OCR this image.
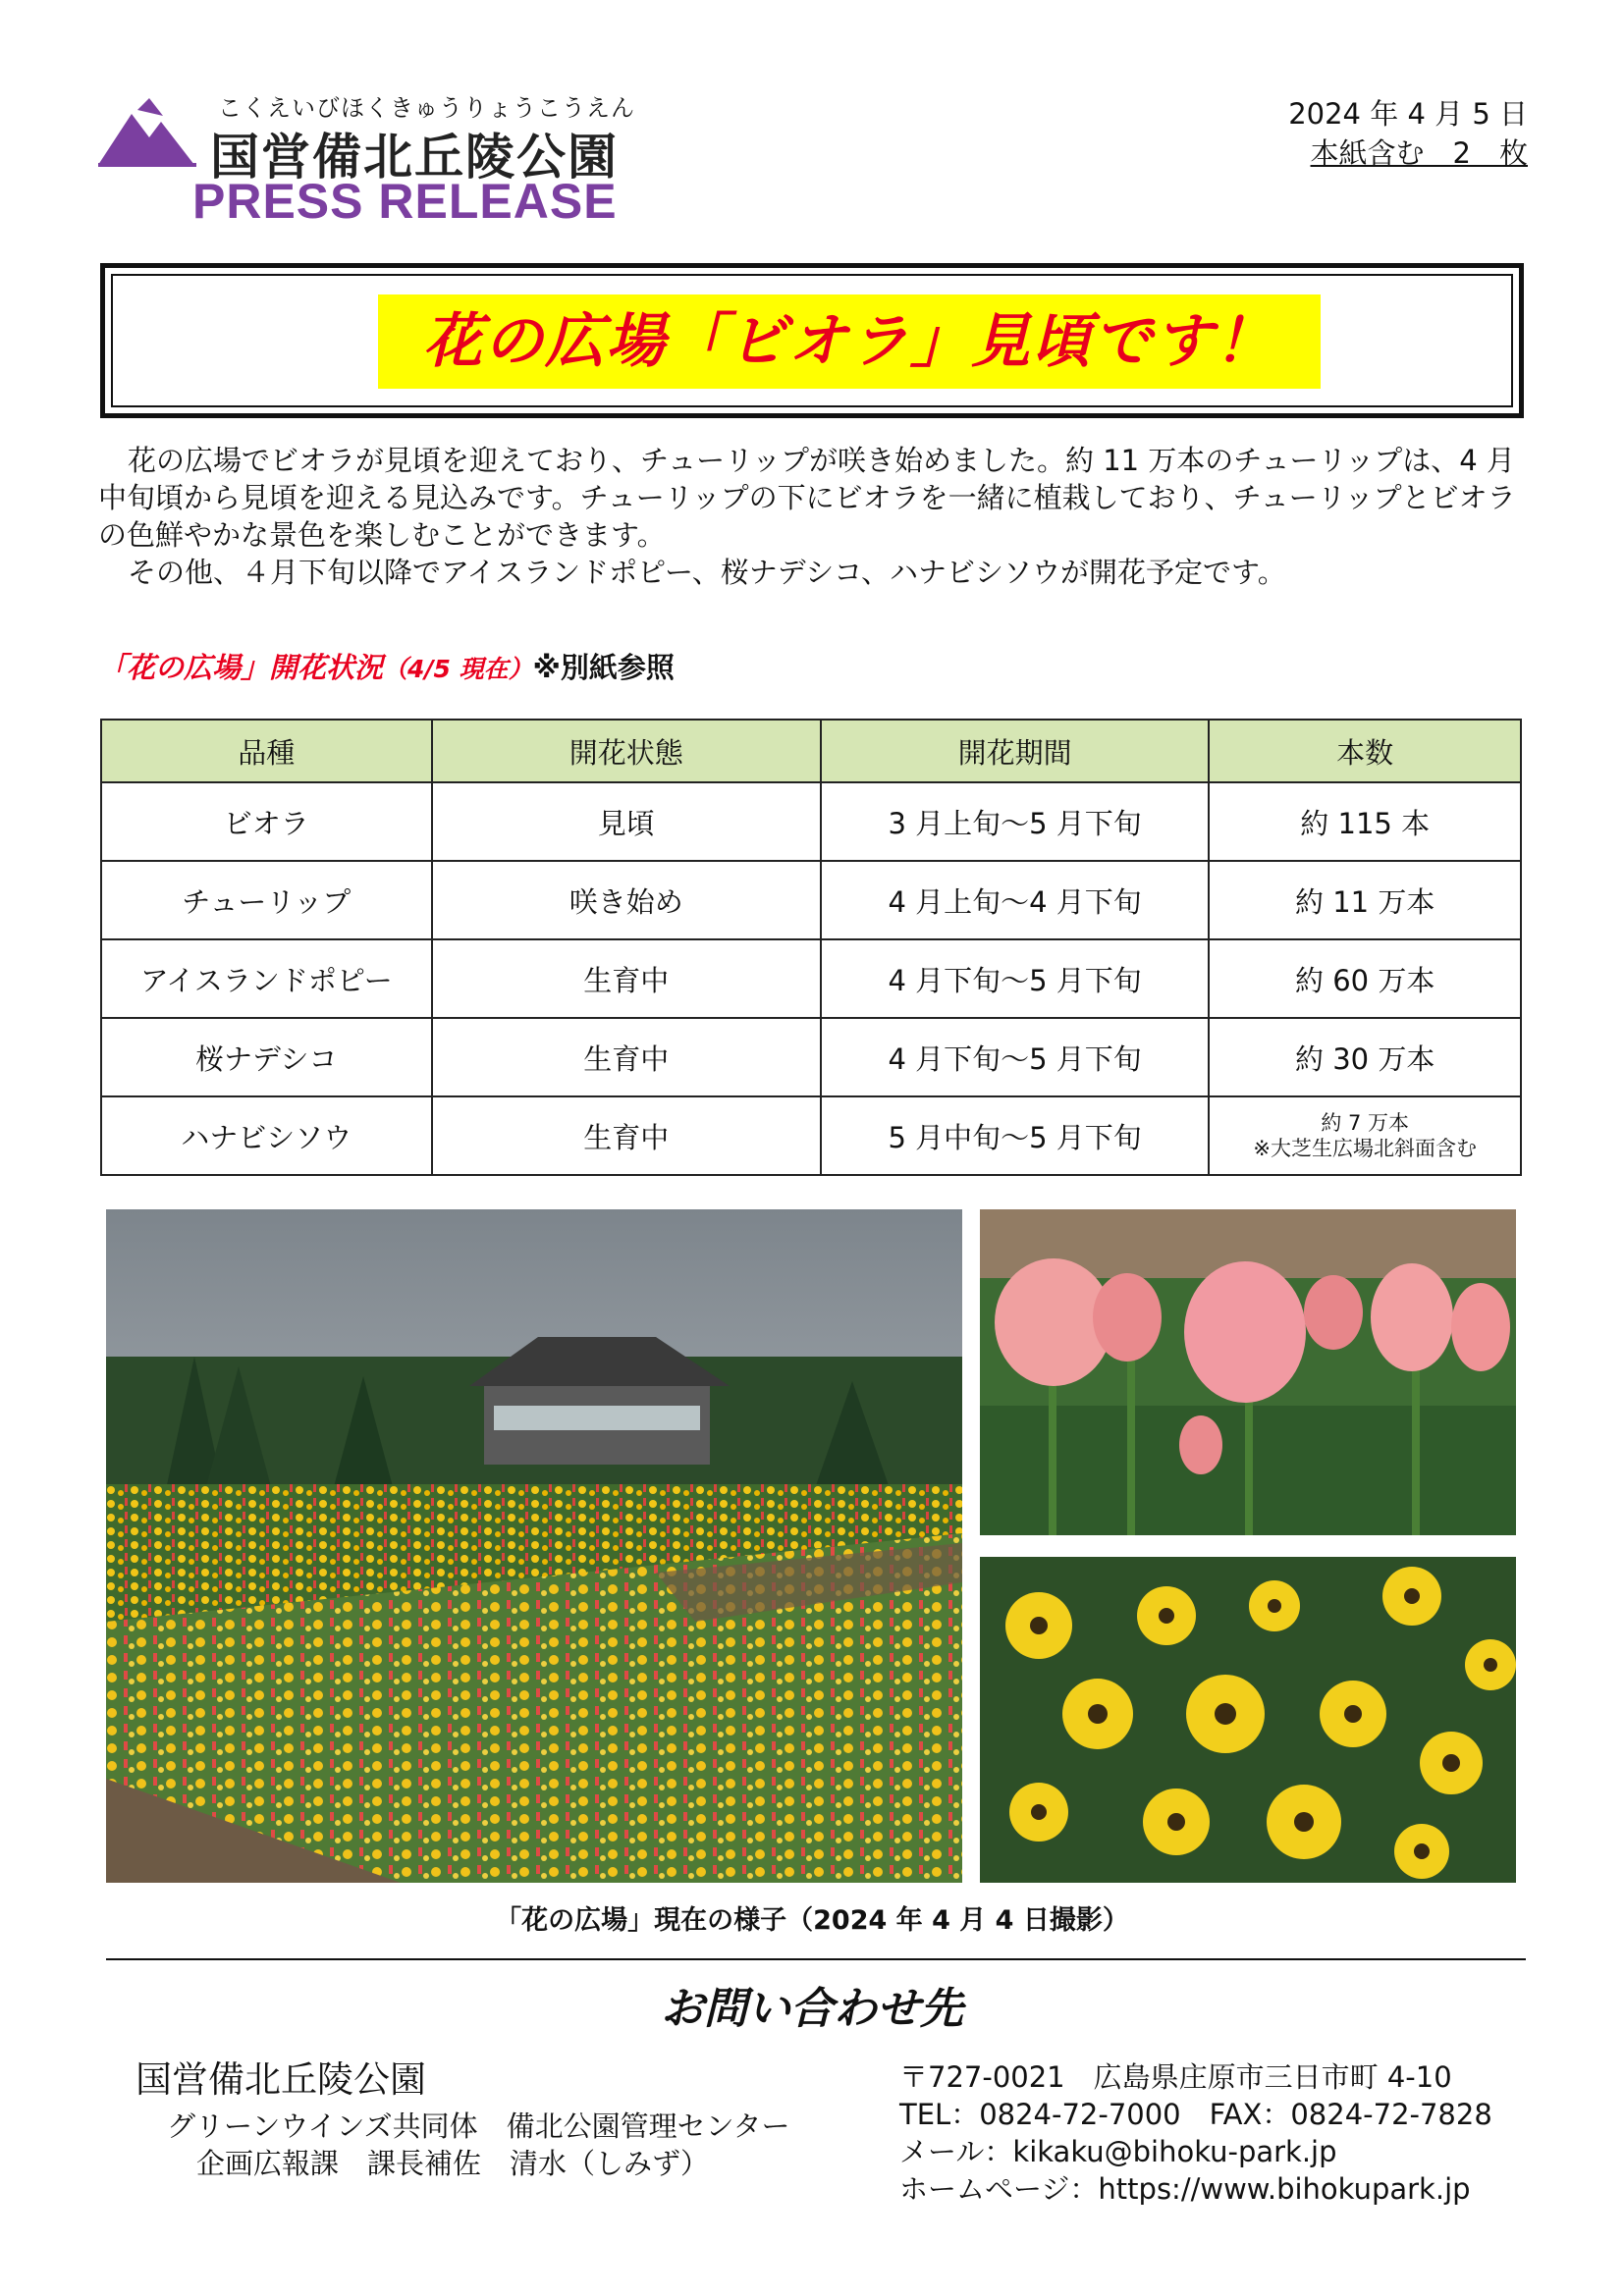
こくえいびほくきゅうりょうこうえん
国営備北丘陵公園
PRESS RELEASE
2024 年 4 月 5 日
本紙含む　2　枚
花の広場「ビオラ」見頃です！

花の広場でビオラが見頃を迎えており、チューリップが咲き始めました。約 11 万本のチューリップは、4 月中旬頃から見頃を迎える見込みです。チューリップの下にビオラを一緒に植栽しており、チューリップとビオラの色鮮やかな景色を楽しむことができます。

その他、４月下旬以降でアイスランドポピー、桜ナデシコ、ハナビシソウが開花予定です。

「花の広場」開花状況（4/5 現在）※別紙参照
品種	開花状態	開花期間	本数
ビオラ	見頃	3 月上旬～5 月下旬	約 115 本
チューリップ	咲き始め	4 月上旬～4 月下旬	約 11 万本
アイスランドポピー	生育中	4 月下旬～5 月下旬	約 60 万本
桜ナデシコ	生育中	4 月下旬～5 月下旬	約 30 万本
ハナビシソウ	生育中	5 月中旬～5 月下旬	約 7 万本
※大芝生広場北斜面含む
「花の広場」現在の様子（2024 年 4 月 4 日撮影）
お問い合わせ先
国営備北丘陵公園
グリーンウインズ共同体　備北公園管理センター
企画広報課　課長補佐　清水（しみず）
〒727-0021　広島県庄原市三日市町 4-10
TEL：0824-72-7000　FAX：0824-72-7828
メール：kikaku@bihoku-park.jp
ホームページ：https://www.bihokupark.jp
